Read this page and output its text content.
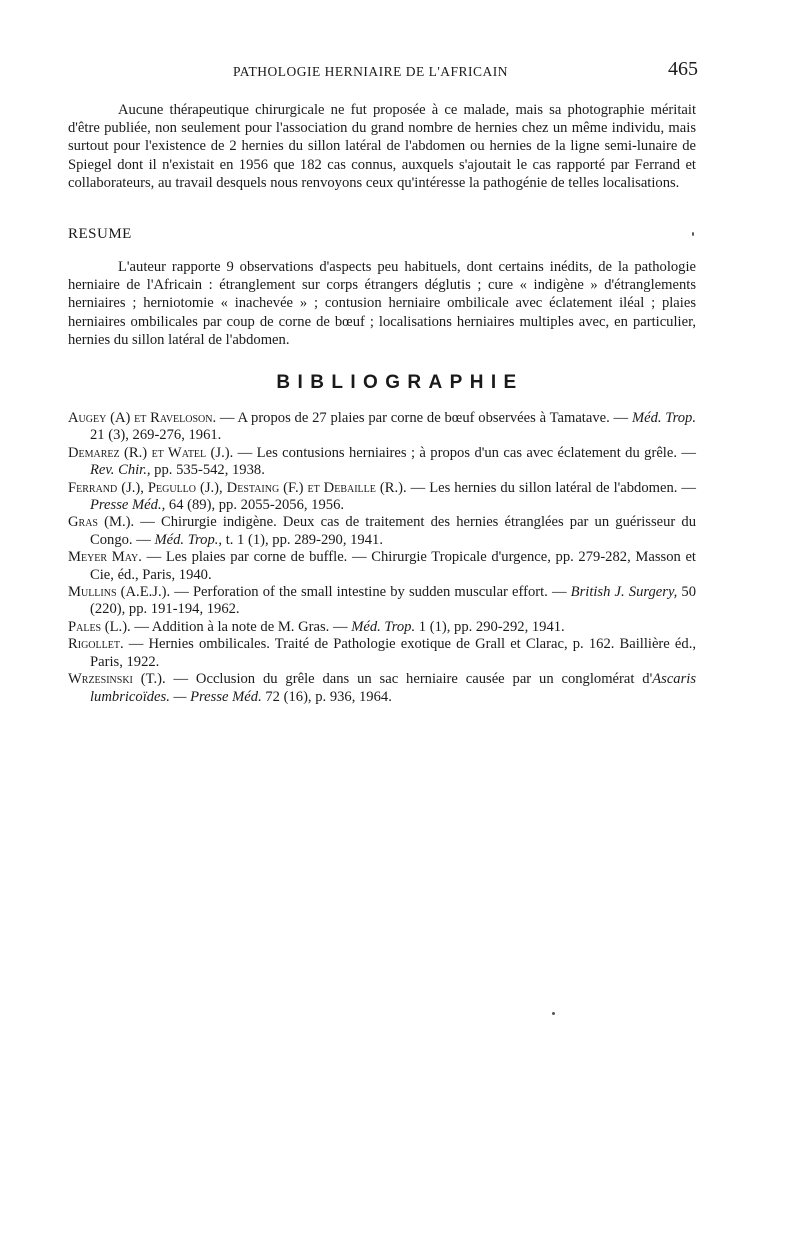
PATHOLOGIE HERNIAIRE DE L'AFRICAIN	465

Aucune thérapeutique chirurgicale ne fut proposée à ce malade, mais sa photographie méritait d'être publiée, non seulement pour l'association du grand nombre de hernies chez un même individu, mais surtout pour l'existence de 2 hernies du sillon latéral de l'abdomen ou hernies de la ligne semi-lunaire de Spiegel dont il n'existait en 1956 que 182 cas connus, auxquels s'ajoutait le cas rapporté par Ferrand et collaborateurs, au travail desquels nous renvoyons ceux qu'intéresse la pathogénie de telles localisations.

RESUME

L'auteur rapporte 9 observations d'aspects peu habituels, dont certains inédits, de la pathologie herniaire de l'Africain : étranglement sur corps étrangers déglutis ; cure « indigène » d'étranglements herniaires ; herniotomie « inachevée » ; contusion herniaire ombilicale avec éclatement iléal ; plaies herniaires ombilicales par coup de corne de bœuf ; localisations herniaires multiples avec, en particulier, hernies du sillon latéral de l'abdomen.

BIBLIOGRAPHIE
Augey (A) et Raveloson. — A propos de 27 plaies par corne de bœuf observées à Tamatave. — Méd. Trop. 21 (3), 269-276, 1961.
Demarez (R.) et Watel (J.). — Les contusions herniaires ; à propos d'un cas avec éclatement du grêle. — Rev. Chir., pp. 535-542, 1938.
Ferrand (J.), Pegullo (J.), Destaing (F.) et Debaille (R.). — Les hernies du sillon latéral de l'abdomen. — Presse Méd., 64 (89), pp. 2055-2056, 1956.
Gras (M.). — Chirurgie indigène. Deux cas de traitement des hernies étranglées par un guérisseur du Congo. — Méd. Trop., t. 1 (1), pp. 289-290, 1941.
Meyer May. — Les plaies par corne de buffle. — Chirurgie Tropicale d'urgence, pp. 279-282, Masson et Cie, éd., Paris, 1940.
Mullins (A.E.J.). — Perforation of the small intestine by sudden muscular effort. — British J. Surgery, 50 (220), pp. 191-194, 1962.
Pales (L.). — Addition à la note de M. Gras. — Méd. Trop. 1 (1), pp. 290-292, 1941.
Rigollet. — Hernies ombilicales. Traité de Pathologie exotique de Grall et Clarac, p. 162. Baillière éd., Paris, 1922.
Wrzesinski (T.). — Occlusion du grêle dans un sac herniaire causée par un conglomérat d'Ascaris lumbricoïdes. — Presse Méd. 72 (16), p. 936, 1964.
